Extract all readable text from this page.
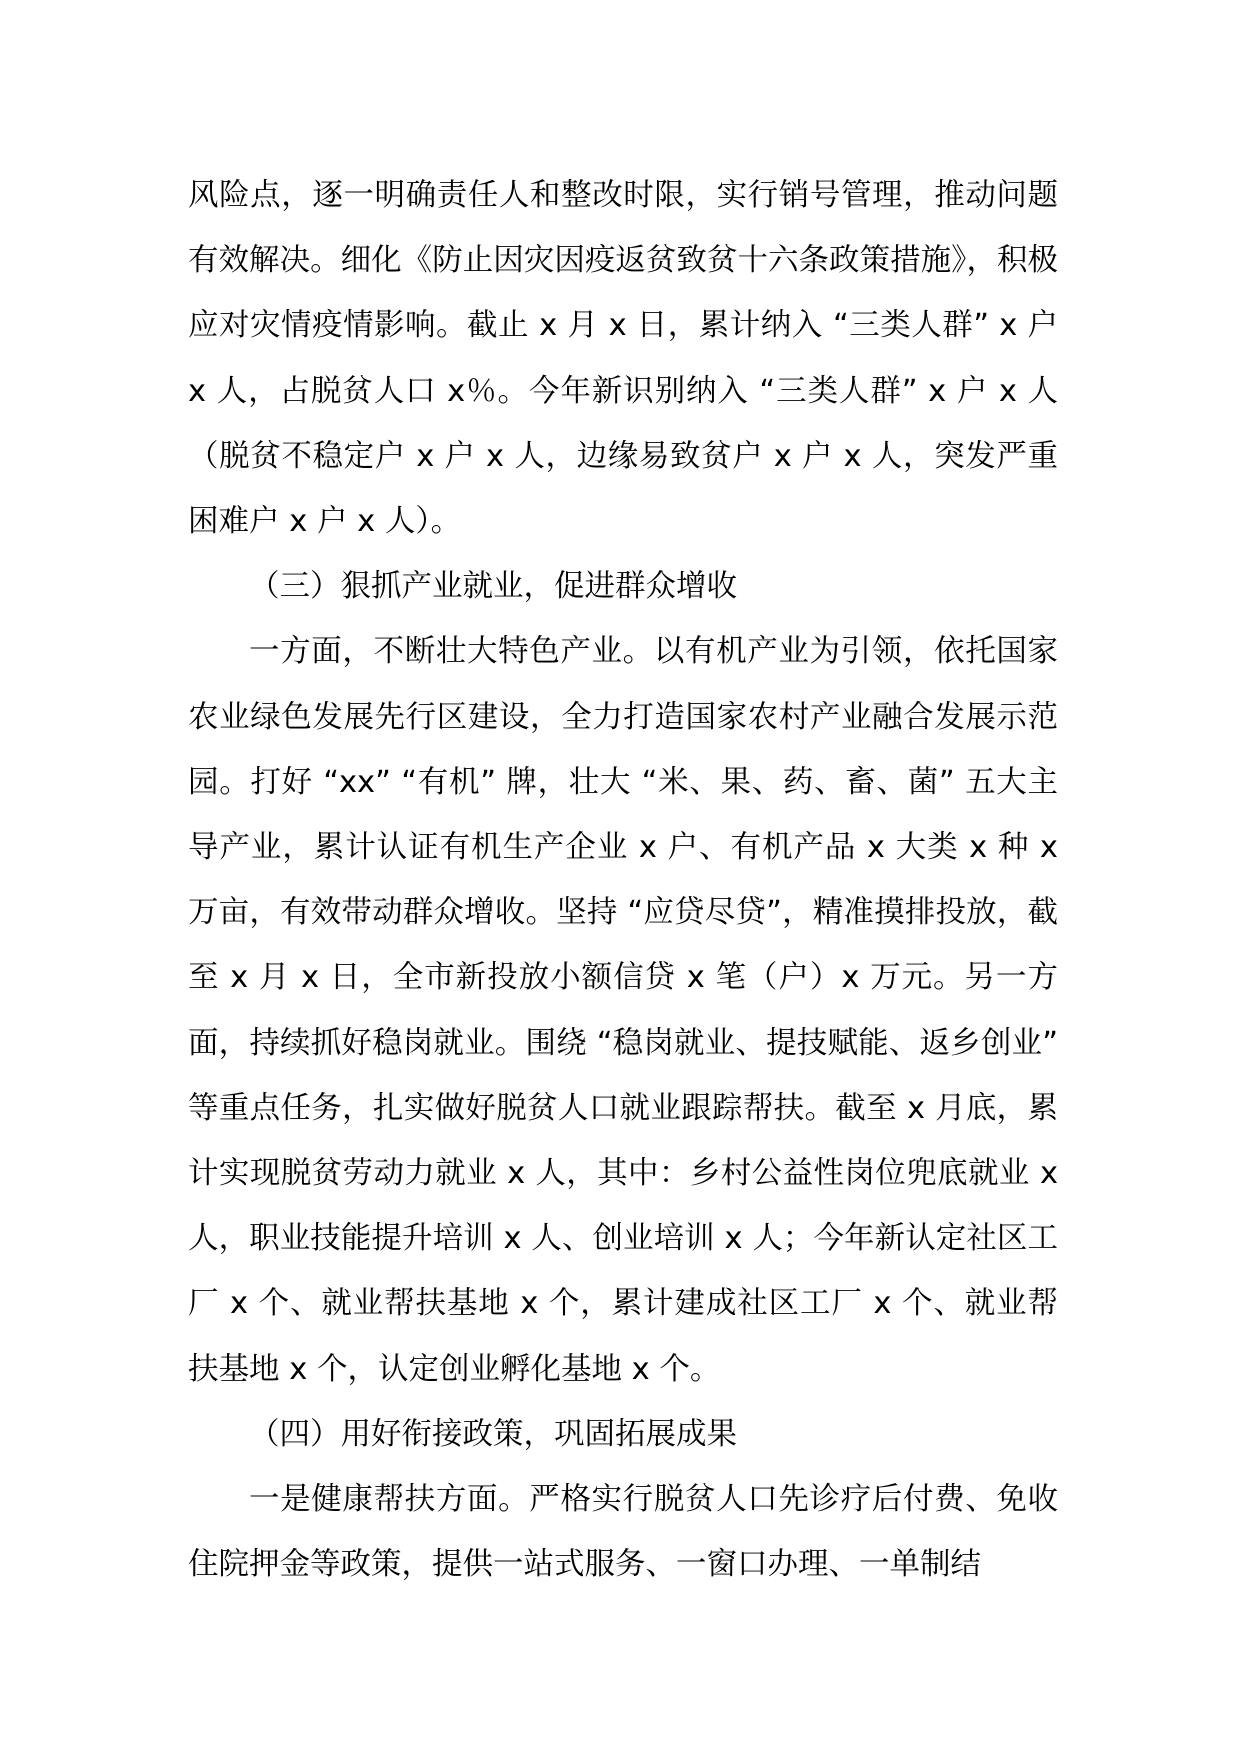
风险点，逐一明确责任人和整改时限，实行销号管理，推动问题有效解决。细化《防止因灾因疫返贫致贫十六条政策措施》，积极应对灾情疫情影响。截止 x 月 x 日，累计纳入 “三类人群” x 户 x 人，占脱贫人口 x％。今年新识别纳入 “三类人群” x 户 x 人（脱贫不稳定户 x 户 x 人，边缘易致贫户 x 户 x 人，突发严重困难户 x 户 x 人）。

（三）狠抓产业就业，促进群众增收

一方面，不断壮大特色产业。以有机产业为引领，依托国家农业绿色发展先行区建设，全力打造国家农村产业融合发展示范园。打好 “xx” “有机” 牌，壮大 “米、果、药、畜、菌” 五大主导产业，累计认证有机生产企业 x 户、有机产品 x 大类 x 种 x 万亩，有效带动群众增收。坚持 “应贷尽贷”，精准摸排投放，截至 x 月 x 日，全市新投放小额信贷 x 笔（户）x 万元。另一方面，持续抓好稳岗就业。围绕 “稳岗就业、提技赋能、返乡创业” 等重点任务，扎实做好脱贫人口就业跟踪帮扶。截至 x 月底，累计实现脱贫劳动力就业 x 人，其中：乡村公益性岗位兜底就业 x 人，职业技能提升培训 x 人、创业培训 x 人；今年新认定社区工厂 x 个、就业帮扶基地 x 个，累计建成社区工厂 x 个、就业帮扶基地 x 个，认定创业孵化基地 x 个。

（四）用好衔接政策，巩固拓展成果

一是健康帮扶方面。严格实行脱贫人口先诊疗后付费、免收住院押金等政策，提供一站式服务、一窗口办理、一单制结
